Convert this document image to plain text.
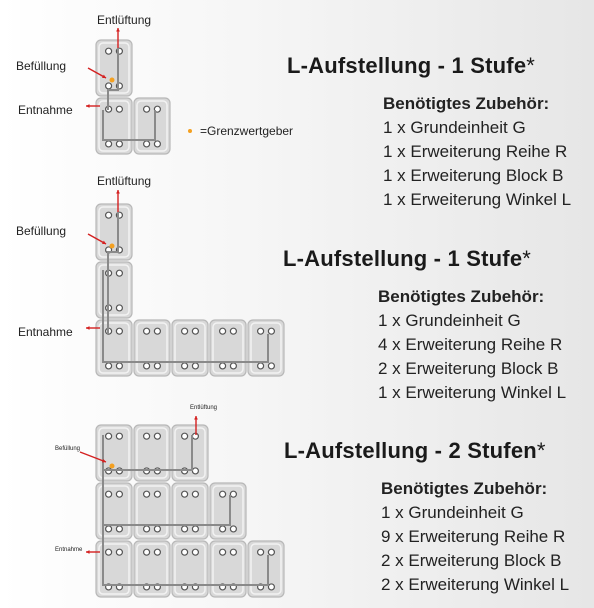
Entlüftung
Befüllung
Entnahme
=Grenzwertgeber
L-Aufstellung - 1 Stufe*
Benötigtes Zubehör:
1 x Grundeinheit G
1 x Erweiterung Reihe R
1 x Erweiterung Block B
1 x Erweiterung Winkel L
Entlüftung
Befüllung
Entnahme
L-Aufstellung - 1 Stufe*
Benötigtes Zubehör:
1 x Grundeinheit G
4 x Erweiterung Reihe R
2 x Erweiterung Block B
1 x Erweiterung Winkel L
Entlüftung
Befüllung
Entnahme
L-Aufstellung - 2 Stufen*
Benötigtes Zubehör:
1 x Grundeinheit G
9 x Erweiterung Reihe R
2 x Erweiterung Block B
2 x Erweiterung Winkel L
